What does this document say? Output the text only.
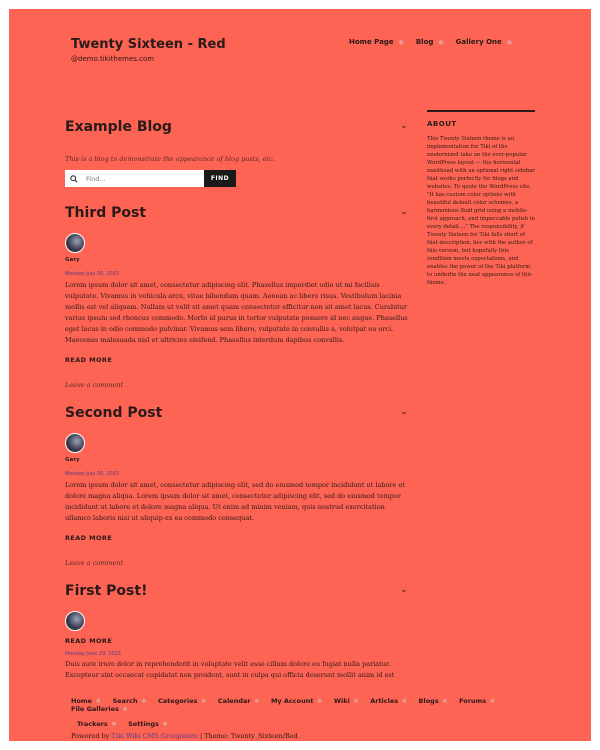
Twenty Sixteen - Red
@demo.tikithemes.com
Home Page ● Blog ● Gallery One ●
Example Blog	⌄
This is a blog to demonstrate the appearance of blog posts, etc.
Find...
FIND
Third Post	⌄
Gary
Monday July 06, 2015
Lorem ipsum dolor sit amet, consectetur adipiscing elit. Phasellus imperdiet odio ut mi facilisis vulputate. Vivamus in vehicula arcu, vitae bibendum quam. Aenean ac libero risus. Vestibulum lacinia mollis est vel aliquam. Nullam ut velit sit amet quam consectetur efficitur non sit amet lacus. Curabitur varius ipsum sed rhoncus commodo. Morbi id purus in tortor vulputate posuere id nec augue. Phasellus eget lacus in odio commodo pulvinar. Vivamus sem libero, vulputate in convallis a, volutpat eu orci. Maecenas malesuada nisl et ultricies eleifend. Phasellus interdum dapibus convallis.
READ MORE
Leave a comment
Second Post	⌄
Gary
Monday July 06, 2015
Lorem ipsum dolor sit amet, consectetur adipiscing elit, sed do eiusmod tempor incididunt ut labore et dolore magna aliqua. Lorem ipsum dolor sit amet, consectetur adipiscing elit, sed do eiusmod tempor incididunt ut labore et dolore magna aliqua. Ut enim ad minim veniam, quis nostrud exercitation ullamco laboris nisi ut aliquip ex ea commodo consequat.
READ MORE
Leave a comment
First Post!	⌄
READ MORE
Monday June 29, 2015
Duis aute irure dolor in reprehenderit in voluptate velit esse cillum dolore eu fugiat nulla pariatur. Excepteur sint occaecat cupidatat non proident, sunt in culpa qui officia deserunt mollit anim id est
ABOUT
This Twenty Sixteen theme is an implementation for Tiki of the modernized take on the ever-popular WordPress layout — the horizontal masthead with an optional right sidebar that works perfectly for blogs and websites. To quote the WordPress site, "It has custom color options with beautiful default color schemes, a harmonious fluid grid using a mobile-first approach, and impeccable polish in every detail...." The responsibility, if Twenty Sixteen for Tiki falls short of that description, lies with the author of this version, but hopefully this rendition meets expectations, and enables the power of the Tiki platform to underlie the neat appearance of this theme.
Home ● Search ● Categories ● Calendar ● My Account ● Wiki ● Articles ● Blogs ● Forums ●
File Galleries ●
Trackers ● Settings ●
Powered by Tiki Wiki CMS Groupware | Theme: Twenty_Sixteen/Red
